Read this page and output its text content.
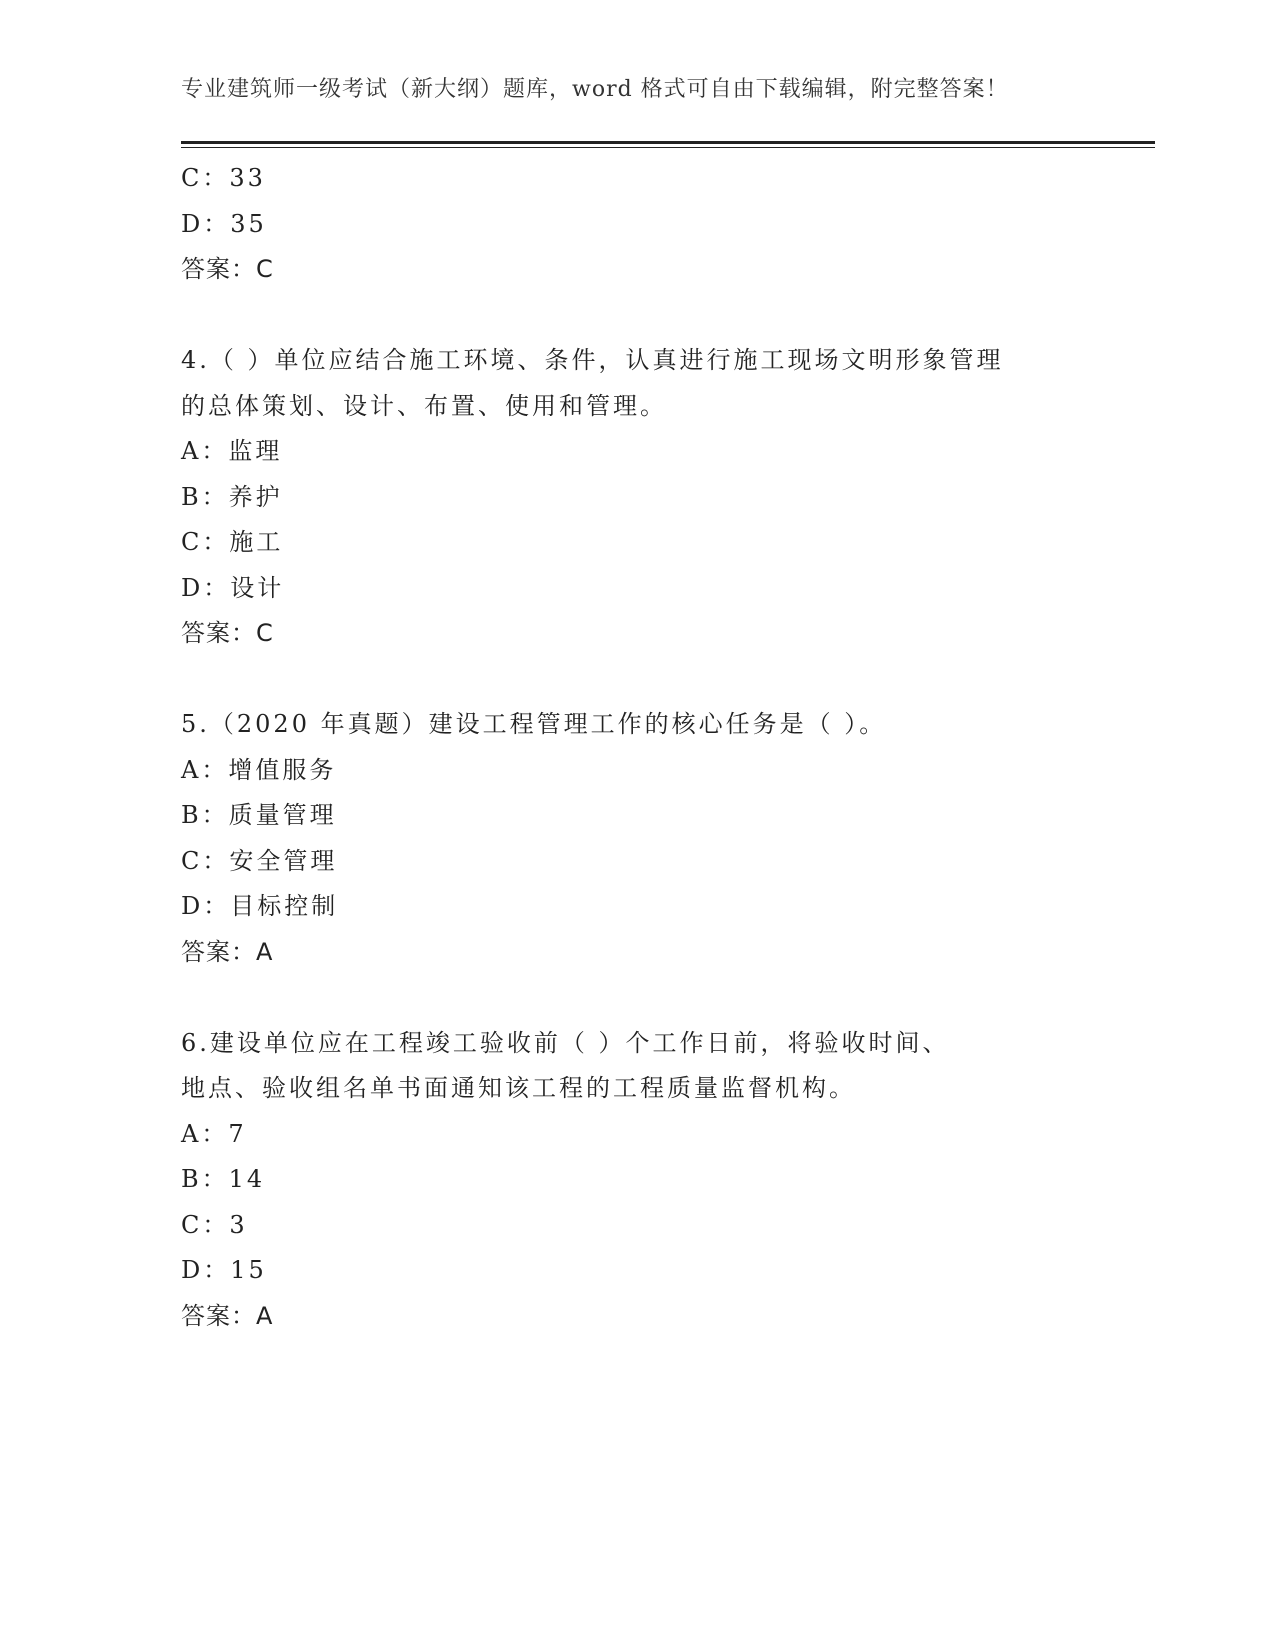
专业建筑师一级考试（新大纲）题库，word 格式可自由下载编辑，附完整答案！
C：33
D：35
答案：C
4.（ ）单位应结合施工环境、条件，认真进行施工现场文明形象管理
的总体策划、设计、布置、使用和管理。
A：监理
B：养护
C：施工
D：设计
答案：C
5.（2020 年真题）建设工程管理工作的核心任务是（ ）。
A：增值服务
B：质量管理
C：安全管理
D：目标控制
答案：A
6.建设单位应在工程竣工验收前（ ）个工作日前，将验收时间、
地点、验收组名单书面通知该工程的工程质量监督机构。
A：7
B：14
C：3
D：15
答案：A
